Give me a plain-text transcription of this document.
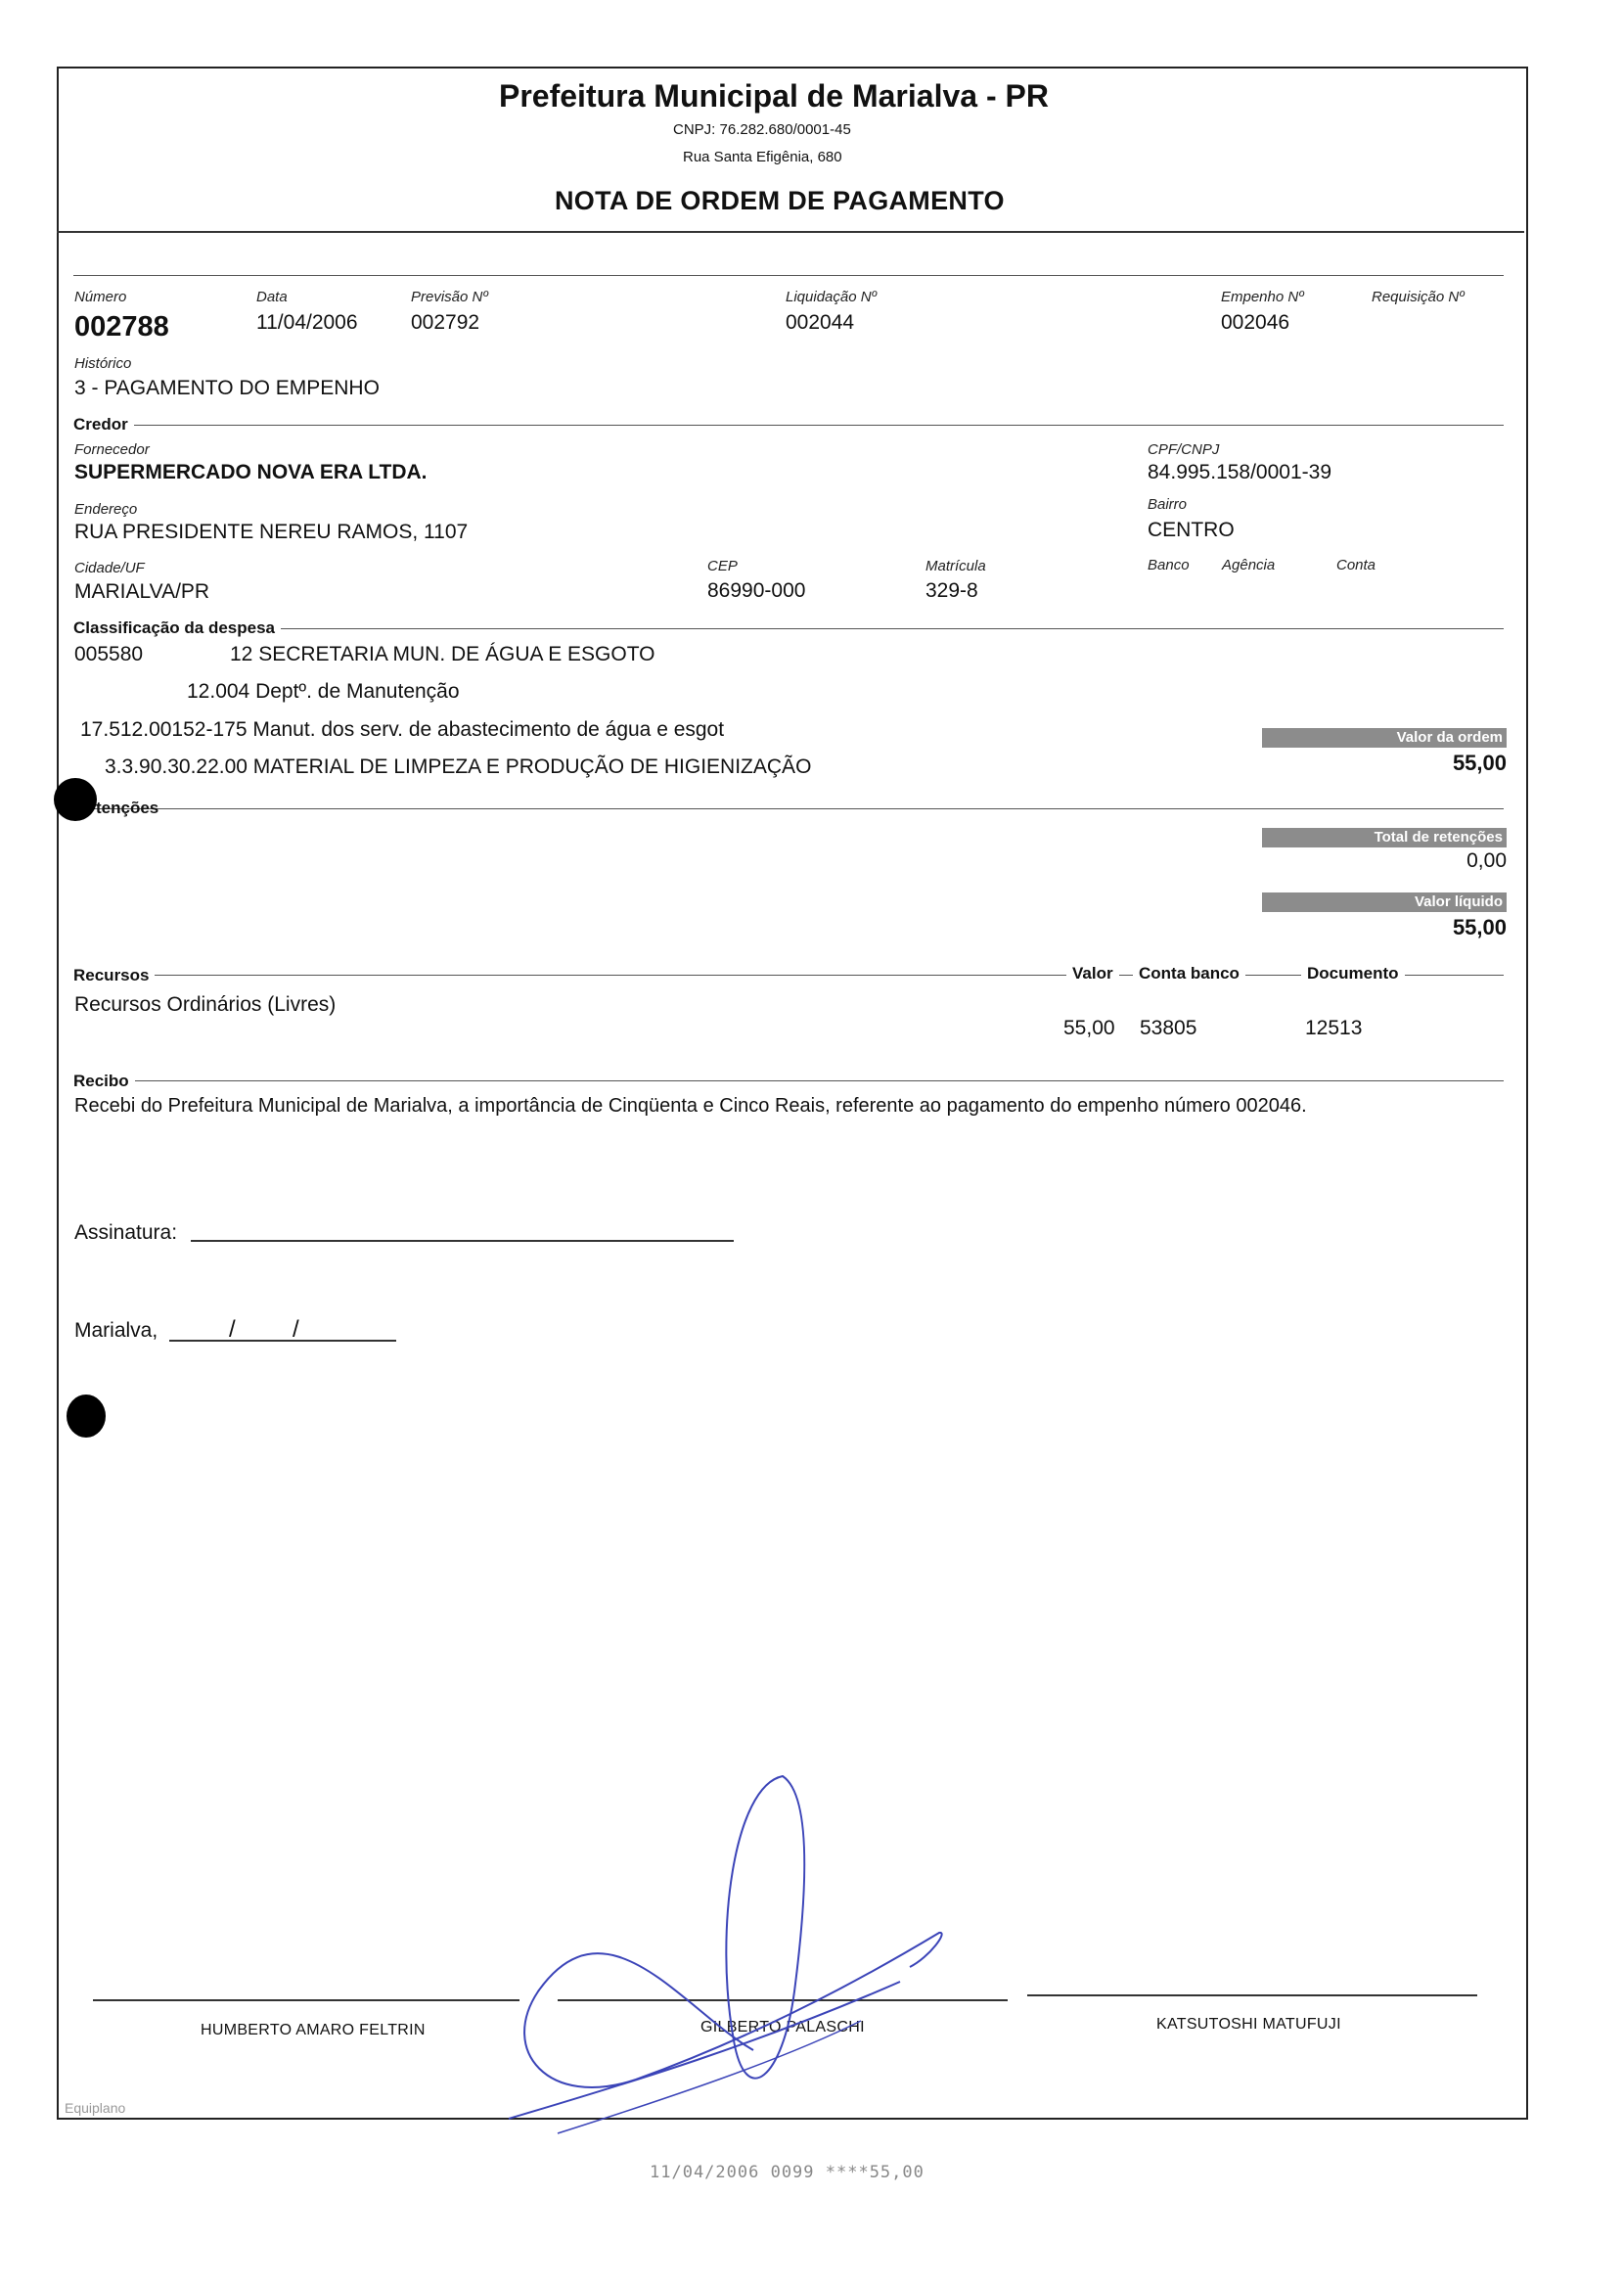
Prefeitura Municipal de Marialva - PR
CNPJ: 76.282.680/0001-45
Rua Santa Efigênia, 680
NOTA DE ORDEM DE PAGAMENTO
Número
002788
Data
11/04/2006
Previsão Nº
002792
Liquidação Nº
002044
Empenho Nº
002046
Requisição Nº
Histórico
3 - PAGAMENTO DO EMPENHO
Credor
Fornecedor
SUPERMERCADO NOVA ERA LTDA.
CPF/CNPJ
84.995.158/0001-39
Endereço
RUA PRESIDENTE NEREU RAMOS, 1107
Bairro
CENTRO
Cidade/UF
MARIALVA/PR
CEP
86990-000
Matrícula
329-8
Banco Agência	Conta
Classificação da despesa
005580	12 SECRETARIA MUN. DE ÁGUA E ESGOTO
12.004 Deptº. de Manutenção
17.512.00152-175 Manut. dos serv. de abastecimento de água e esgot
3.3.90.30.22.00 MATERIAL DE LIMPEZA E PRODUÇÃO DE HIGIENIZAÇÃO
Valor da ordem
55,00
tenções
Total de retenções
0,00
Valor líquido
55,00
Recursos	Valor	Conta banco	Documento
Recursos Ordinários (Livres)
55,00 53805	12513
Recibo
Recebi do Prefeitura Municipal de Marialva, a importância de Cinqüenta e Cinco Reais, referente ao pagamento do empenho número 002046.
Assinatura:
Marialva,	/ /
HUMBERTO AMARO FELTRIN	GILBERTO PALASCHI	KATSUTOSHI MATUFUJI
Equiplano
11/04/2006 0099 ****55,00
